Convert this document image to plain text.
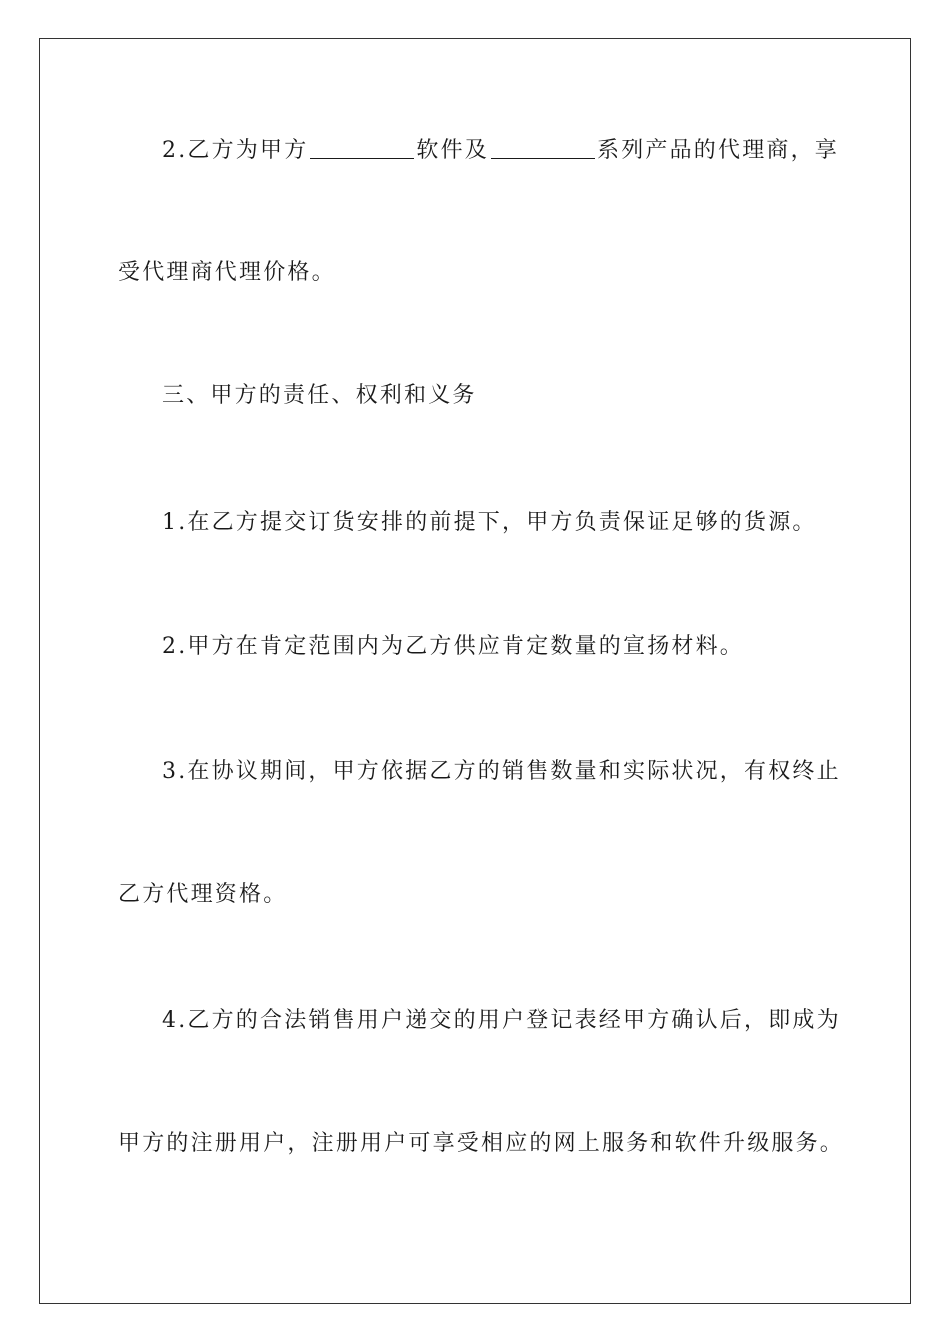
2.乙方为甲方	软件及	系列产品的代理商，享
受代理商代理价格。
三、甲方的责任、权利和义务
1.在乙方提交订货安排的前提下，甲方负责保证足够的货源。
2.甲方在肯定范围内为乙方供应肯定数量的宣扬材料。
3.在协议期间，甲方依据乙方的销售数量和实际状况，有权终止
乙方代理资格。
4.乙方的合法销售用户递交的用户登记表经甲方确认后，即成为
甲方的注册用户，注册用户可享受相应的网上服务和软件升级服务。
